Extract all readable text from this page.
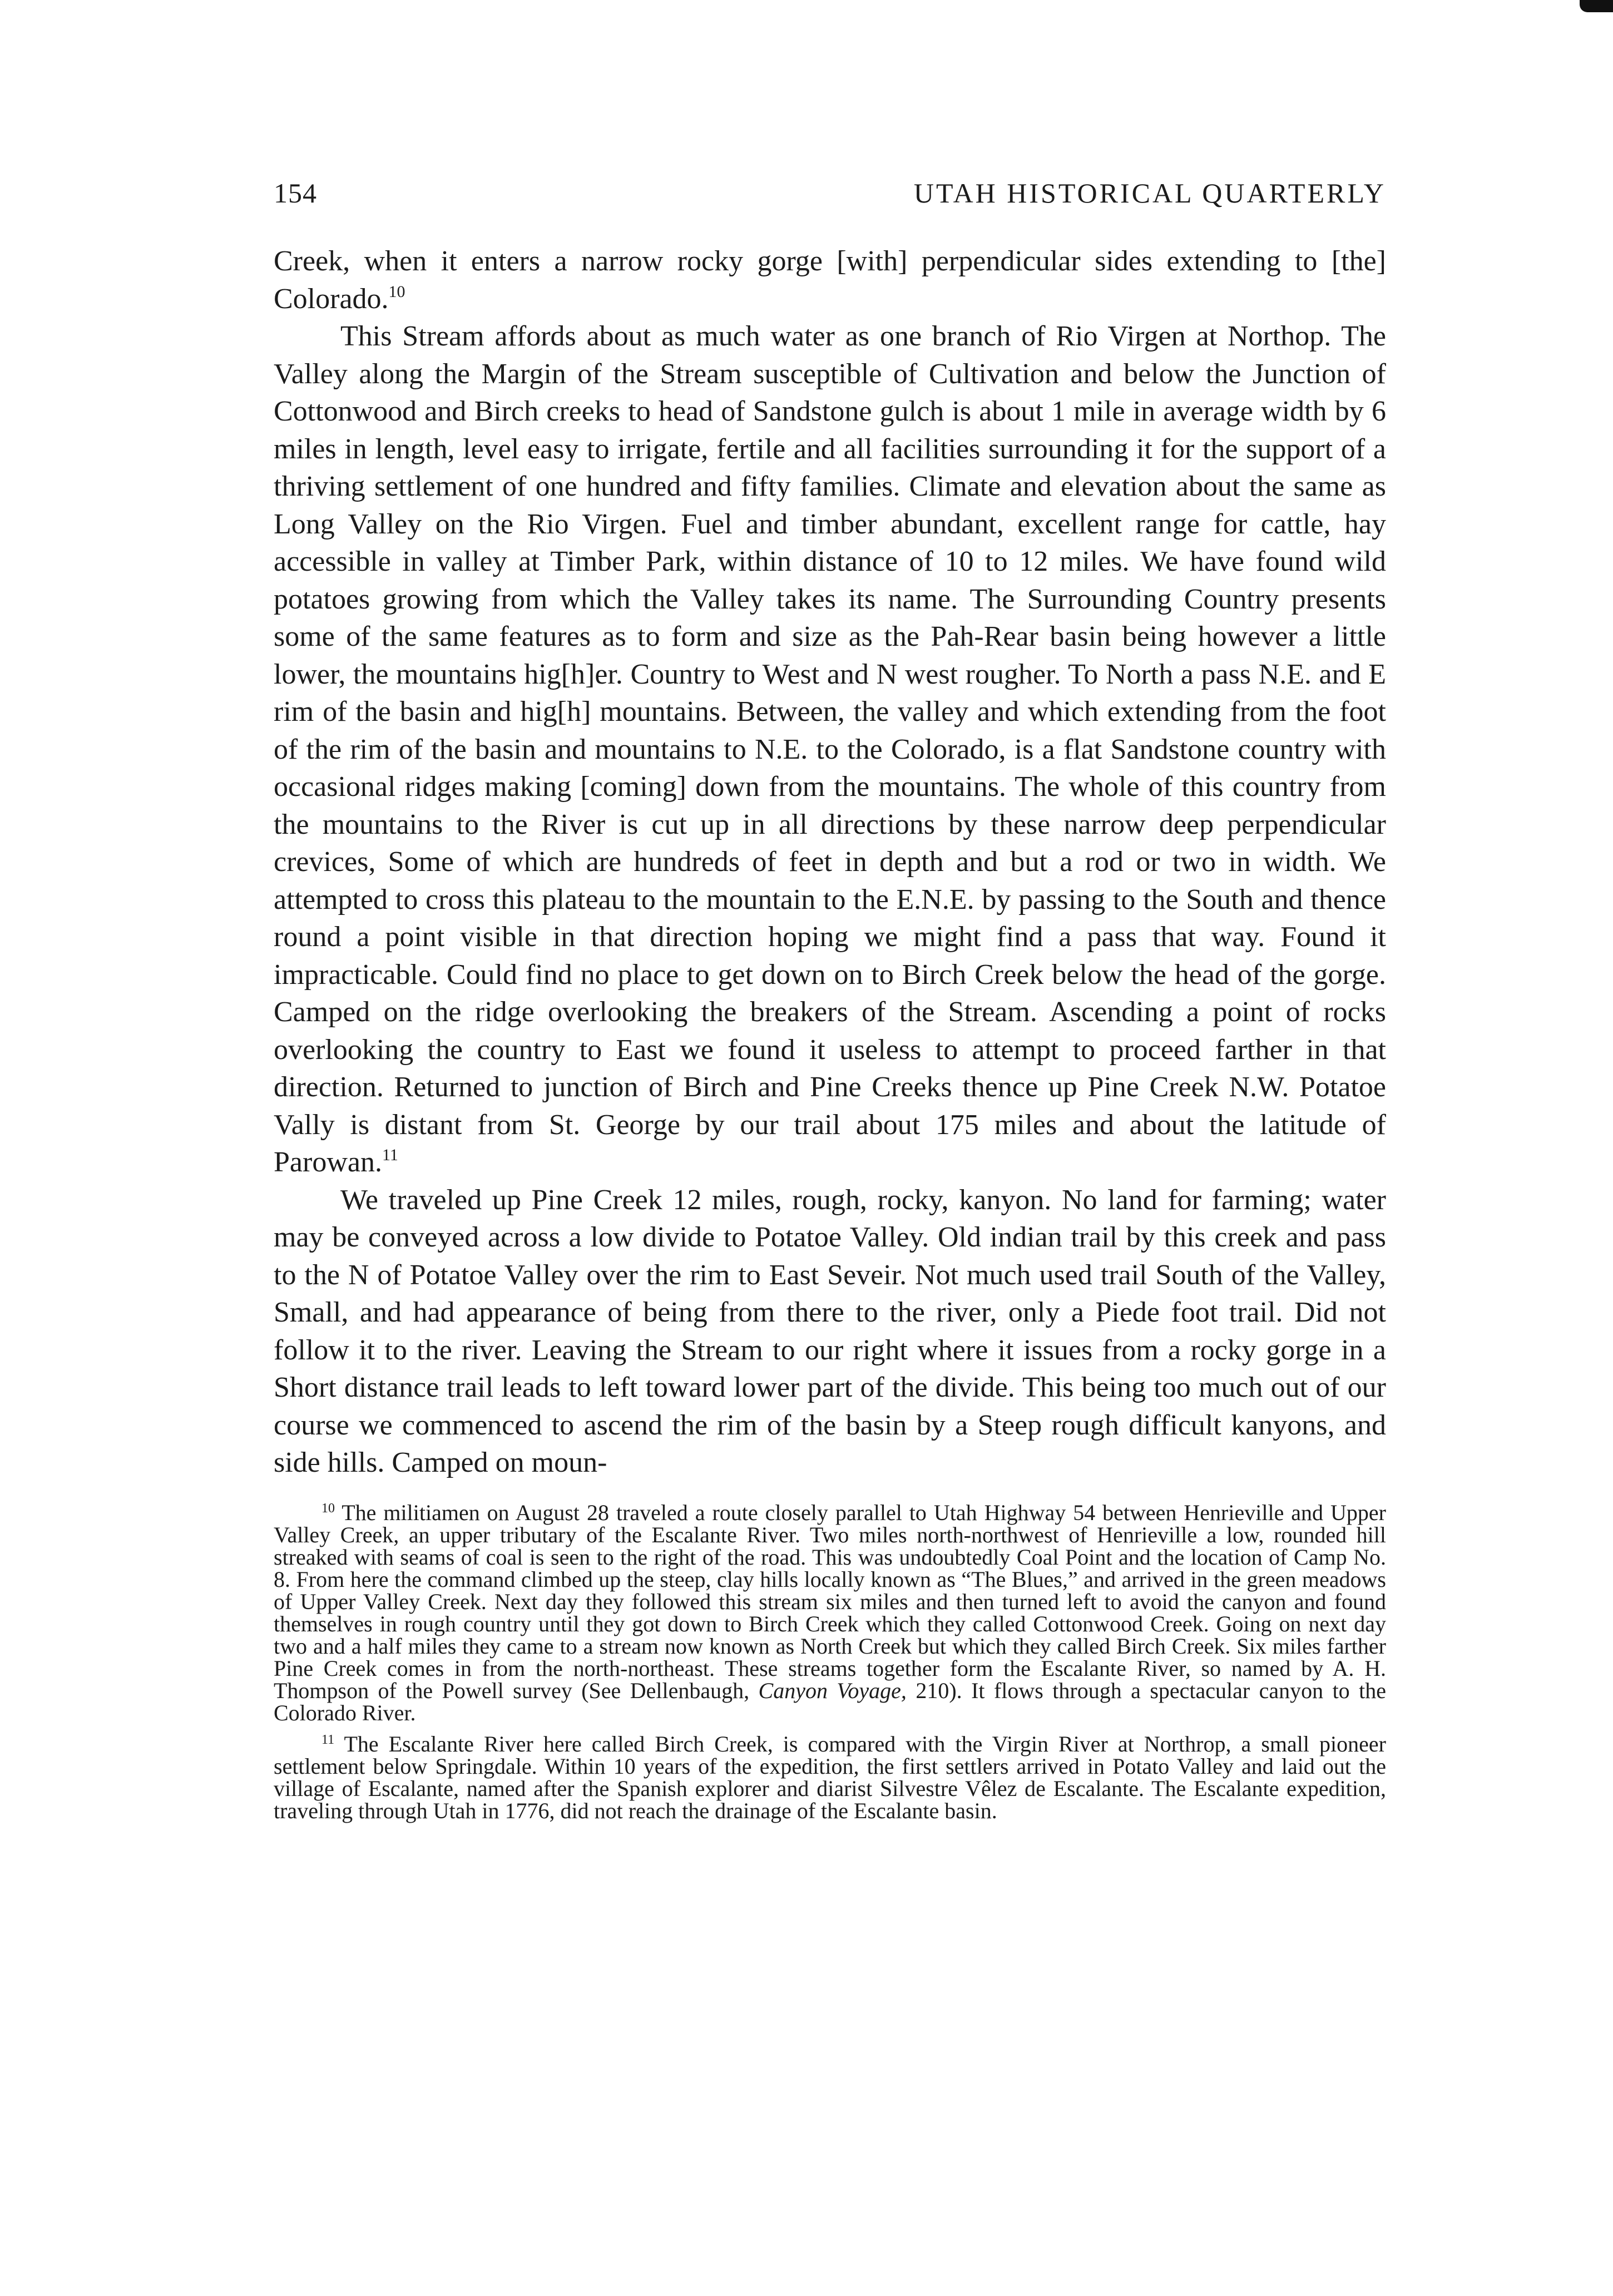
154	UTAH HISTORICAL QUARTERLY

Creek, when it enters a narrow rocky gorge [with] perpendicular sides extending to [the] Colorado.$^{10}$

This Stream affords about as much water as one branch of Rio Virgen at Northop. The Valley along the Margin of the Stream susceptible of Cultivation and below the Junction of Cottonwood and Birch creeks to head of Sandstone gulch is about 1 mile in average width by 6 miles in length, level easy to irrigate, fertile and all facilities surrounding it for the support of a thriving settlement of one hundred and fifty families. Climate and elevation about the same as Long Valley on the Rio Virgen. Fuel and timber abundant, excellent range for cattle, hay accessible in valley at Timber Park, within distance of 10 to 12 miles. We have found wild potatoes growing from which the Valley takes its name. The Surrounding Country presents some of the same features as to form and size as the Pah-Rear basin being however a little lower, the mountains hig[h]er. Country to West and N west rougher. To North a pass N.E. and E rim of the basin and hig[h] mountains. Between, the valley and which extending from the foot of the rim of the basin and mountains to N.E. to the Colorado, is a flat Sandstone country with occasional ridges making [coming] down from the mountains. The whole of this country from the mountains to the River is cut up in all directions by these narrow deep perpendicular crevices, Some of which are hundreds of feet in depth and but a rod or two in width. We attempted to cross this plateau to the mountain to the E.N.E. by passing to the South and thence round a point visible in that direction hoping we might find a pass that way. Found it impracticable. Could find no place to get down on to Birch Creek below the head of the gorge. Camped on the ridge overlooking the breakers of the Stream. Ascending a point of rocks overlooking the country to East we found it useless to attempt to proceed farther in that direction. Returned to junction of Birch and Pine Creeks thence up Pine Creek N.W. Potatoe Vally is distant from St. George by our trail about 175 miles and about the latitude of Parowan.$^{11}$

We traveled up Pine Creek 12 miles, rough, rocky, kanyon. No land for farming; water may be conveyed across a low divide to Potatoe Valley. Old indian trail by this creek and pass to the N of Potatoe Valley over the rim to East Seveir. Not much used trail South of the Valley, Small, and had appearance of being from there to the river, only a Piede foot trail. Did not follow it to the river. Leaving the Stream to our right where it issues from a rocky gorge in a Short distance trail leads to left toward lower part of the divide. This being too much out of our course we commenced to ascend the rim of the basin by a Steep rough difficult kanyons, and side hills. Camped on moun-

$^{10}$ The militiamen on August 28 traveled a route closely parallel to Utah Highway 54 between Henrieville and Upper Valley Creek, an upper tributary of the Escalante River. Two miles north-northwest of Henrieville a low, rounded hill streaked with seams of coal is seen to the right of the road. This was undoubtedly Coal Point and the location of Camp No. 8. From here the command climbed up the steep, clay hills locally known as “The Blues,” and arrived in the green meadows of Upper Valley Creek. Next day they followed this stream six miles and then turned left to avoid the canyon and found themselves in rough country until they got down to Birch Creek which they called Cottonwood Creek. Going on next day two and a half miles they came to a stream now known as North Creek but which they called Birch Creek. Six miles farther Pine Creek comes in from the north-northeast. These streams together form the Escalante River, so named by A. H. Thompson of the Powell survey (See Dellenbaugh, Canyon Voyage, 210). It flows through a spectacular canyon to the Colorado River.

$^{11}$ The Escalante River here called Birch Creek, is compared with the Virgin River at Northrop, a small pioneer settlement below Springdale. Within 10 years of the expedition, the first settlers arrived in Potato Valley and laid out the village of Escalante, named after the Spanish explorer and diarist Silvestre Vêlez de Escalante. The Escalante expedition, traveling through Utah in 1776, did not reach the drainage of the Escalante basin.
